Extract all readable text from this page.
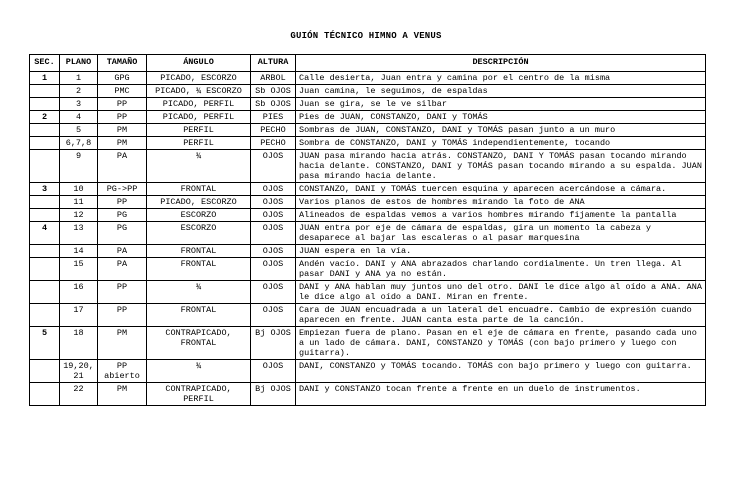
GUIÓN TÉCNICO HIMNO A VENUS
SEC.	PLANO	TAMAÑO	ÁNGULO	ALTURA	DESCRIPCIÓN
1	1	GPG	PICADO, ESCORZO	ARBOL	Calle desierta, Juan entra y camina por el centro de la misma
	2	PMC	PICADO, ¾ ESCORZO	Sb OJOS	Juan camina, le seguimos, de espaldas
	3	PP	PICADO, PERFIL	Sb OJOS	Juan se gira, se le ve silbar
2	4	PP	PICADO, PERFIL	PIES	Pies de JUAN, CONSTANZO, DANI y TOMÁS
	5	PM	PERFIL	PECHO	Sombras de JUAN, CONSTANZO, DANI y TOMÁS pasan junto a un muro
	6,7,8	PM	PERFIL	PECHO	Sombra de CONSTANZO, DANI y TOMÁS independientemente, tocando
	9	PA	¾	OJOS	JUAN pasa mirando hacia atrás. CONSTANZO, DANI Y TOMÁS pasan tocando mirando hacia delante. CONSTANZO, DANI y TOMÁS pasan tocando mirando a su espalda. JUAN pasa mirando hacia delante.
3	10	PG->PP	FRONTAL	OJOS	CONSTANZO, DANI y TOMÁS tuercen esquina y aparecen acercándose a cámara.
	11	PP	PICADO, ESCORZO	OJOS	Varios planos de estos de hombres mirando la foto de ANA
	12	PG	ESCORZO	OJOS	Alineados de espaldas vemos a varios hombres mirando fijamente la pantalla
4	13	PG	ESCORZO	OJOS	JUAN entra por eje de cámara de espaldas, gira un momento la cabeza y desaparece al bajar las escaleras o al pasar marquesina
	14	PA	FRONTAL	OJOS	JUAN espera en la vía.
	15	PA	FRONTAL	OJOS	Andén vacío. DANI y ANA abrazados charlando cordialmente. Un tren llega. Al pasar DANI y ANA ya no están.
	16	PP	¾	OJOS	DANI y ANA hablan muy juntos uno del otro. DANI le dice algo al oído a ANA. ANA le dice algo al oído a DANI. Miran en frente.
	17	PP	FRONTAL	OJOS	Cara de JUAN encuadrada a un lateral del encuadre. Cambio de expresión cuando aparecen en frente. JUAN canta esta parte de la canción.
5	18	PM	CONTRAPICADO, FRONTAL	Bj OJOS	Empiezan fuera de plano. Pasan en el eje de cámara en frente, pasando cada uno a un lado de cámara. DANI, CONSTANZO y TOMÁS (con bajo primero y luego con guitarra).
	19,20, 21	PP abierto	¾	OJOS	DANI, CONSTANZO y TOMÁS tocando. TOMÁS con bajo primero y luego con guitarra.
	22	PM	CONTRAPICADO, PERFIL	Bj OJOS	DANI y CONSTANZO tocan frente a frente en un duelo de instrumentos.
